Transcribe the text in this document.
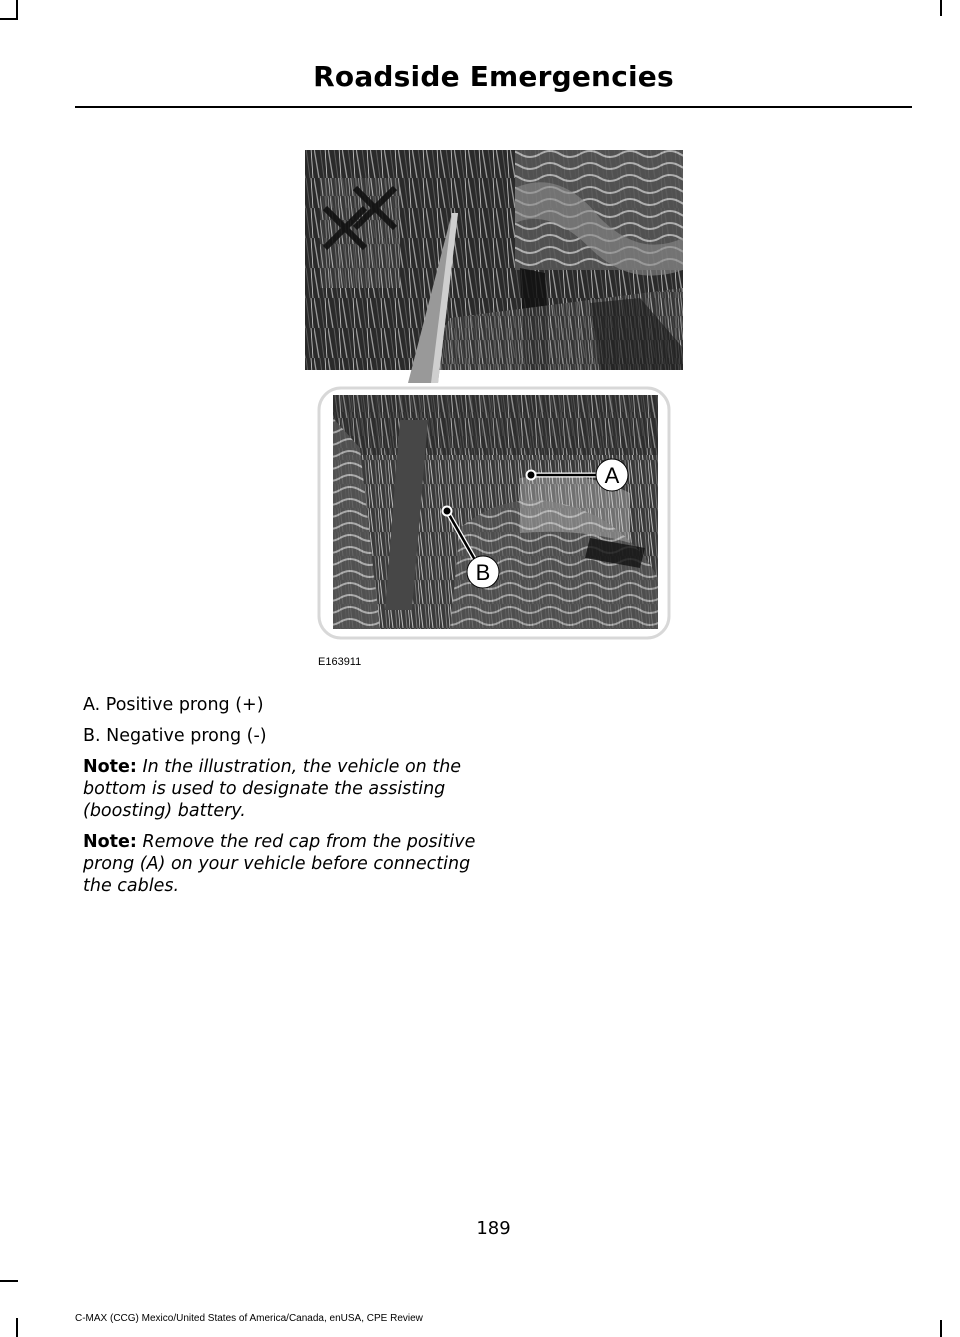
Roadside Emergencies
A
B
E163911

A. Positive prong (+)

B. Negative prong (-)

Note: In the illustration, the vehicle on the bottom is used to designate the assisting (boosting) battery.

Note: Remove the red cap from the positive prong (A) on your vehicle before connecting the cables.

189
C-MAX (CCG) Mexico/United States of America/Canada, enUSA, CPE Review
